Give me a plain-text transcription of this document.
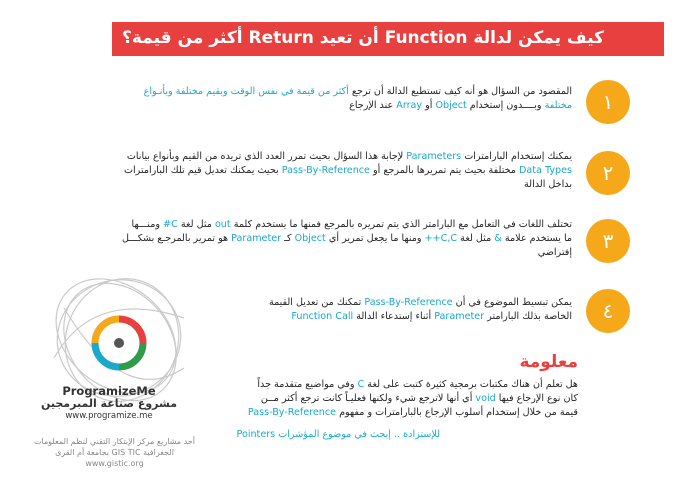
كيف يمكن لدالة Function أن تعيد Return أكثر من قيمة؟
١
المقصود من السؤال هو أنه كيف تستطيع الدالة أن ترجع أكثر من قيمة في نفس الوقت وبقيم مختلفة وبأنـواع
مختلفة وبــــدون إستخدام Object أو Array عند الإرجاع
٢
يمكنك إستخدام البارامترات Parameters لإجابة هذا السؤال بحيث تمرر العدد الذي تريده من القيم وبأنواع بيانات
Data Types مختلفة بحيث يتم تمريرها بالمرجع أو Pass-By-Reference بحيث يمكنك تعديل قيم تلك البارامترات
بداخل الدالة
٣
تختلف اللغات في التعامل مع البارامتر الذي يتم تمريره بالمرجع فمنها ما يستخدم كلمة out مثل لغة C# ومنـــها
ما يستخدم علامة & مثل لغة C,C++ ومنها ما يجعل تمرير أي Object كـ Parameter هو تمرير بالمرجـع بشكـــل
إفتراضي
٤
يمكن تبسيط الموضوع في أن Pass-By-Reference تمكنك من تعديل القيمة
الخاصة بذلك البارامتر Parameter أثناء إستدعاء الدالة Function Call
معلومة
هل تعلم أن هناك مكتبات برمجية كثيرة كتبت على لغة C وفي مواضيع متقدمة جداً
كان نوع الإرجاع فيها void أي أنها لاترجع شيء ولكنها فعليـاً كانت ترجع أكثر مــن
قيمة من خلال إستخدام أسلوب الإرجاع بالبارامترات و مفهوم Pass-By-Reference
للإستزادة .. إبحث في موضوع المؤشرات Pointers
ProgramizeMe
مشروع صناعة المبرمجين
www.programize.me
أحد مشاريع مركز الإبتكار التقني لنظم المعلومات
الجغرافية GIS TIC بجامعة أم القرى
www.gistic.org
